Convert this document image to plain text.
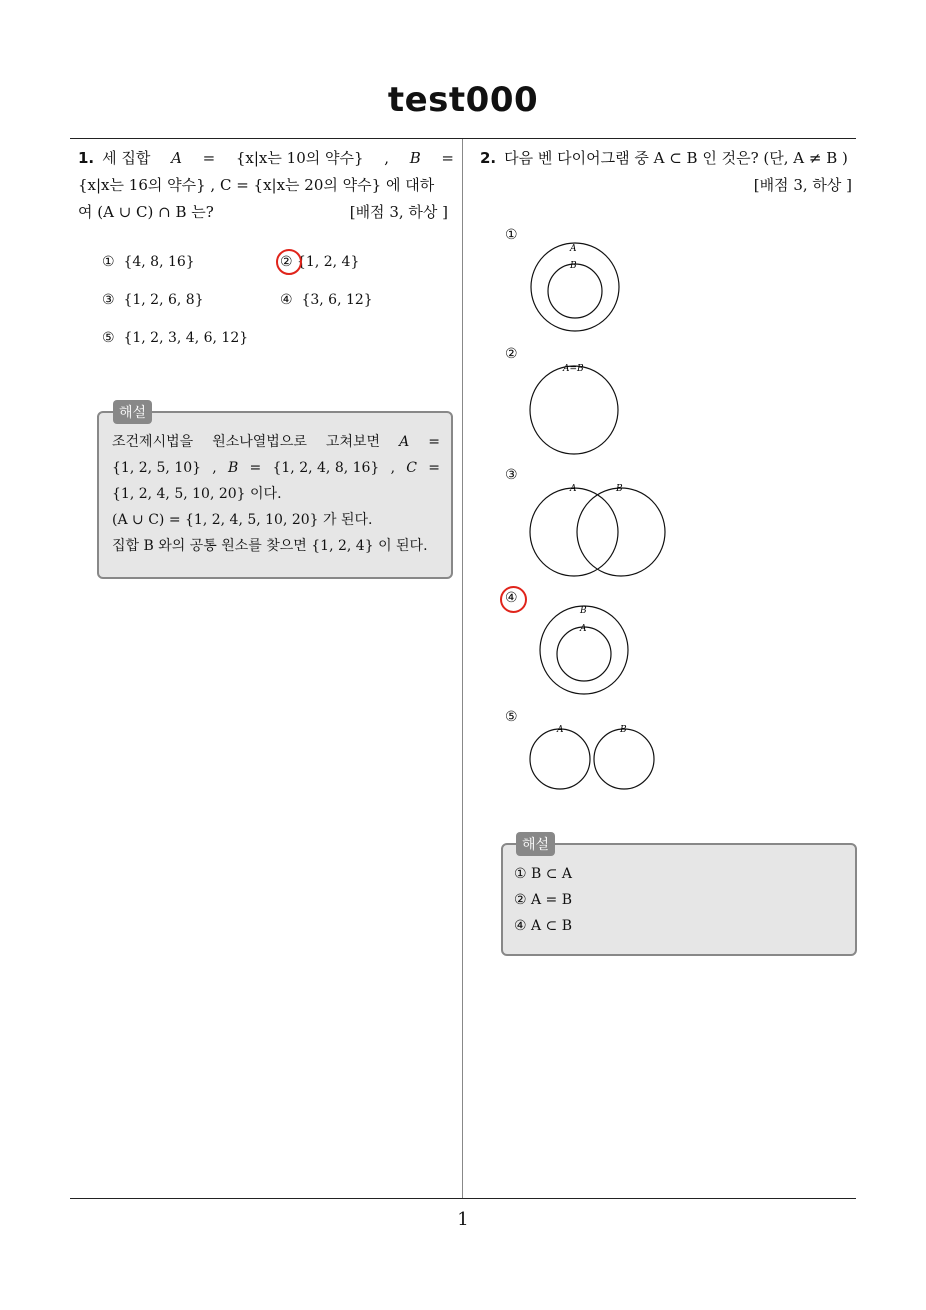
test000
1
1. 세 집합 A = {x|x는 10의 약수} , B =
{x|x는 16의 약수} , C = {x|x는 20의 약수} 에 대하
여 (A ∪ C) ∩ B 는?	[배점 3, 하상 ]
① {4, 8, 16}	② {1, 2, 4}
③ {1, 2, 6, 8}	④ {3, 6, 12}
⑤ {1, 2, 3, 4, 6, 12}
해설
조건제시법을 원소나열법으로 고쳐보면 A =
{1, 2, 5, 10} , B = {1, 2, 4, 8, 16} , C =
{1, 2, 4, 5, 10, 20} 이다.
(A ∪ C) = {1, 2, 4, 5, 10, 20} 가 된다.
집합 B 와의 공통 원소를 찾으면 {1, 2, 4} 이 된다.
2. 다음 벤 다이어그램 중 A ⊂ B 인 것은? (단, A ≠ B )
[배점 3, 하상 ]
①
②
③
④
⑤
A
B
A=B
A	B
B
A
A	B
해설
① B ⊂ A
② A = B
④ A ⊂ B
